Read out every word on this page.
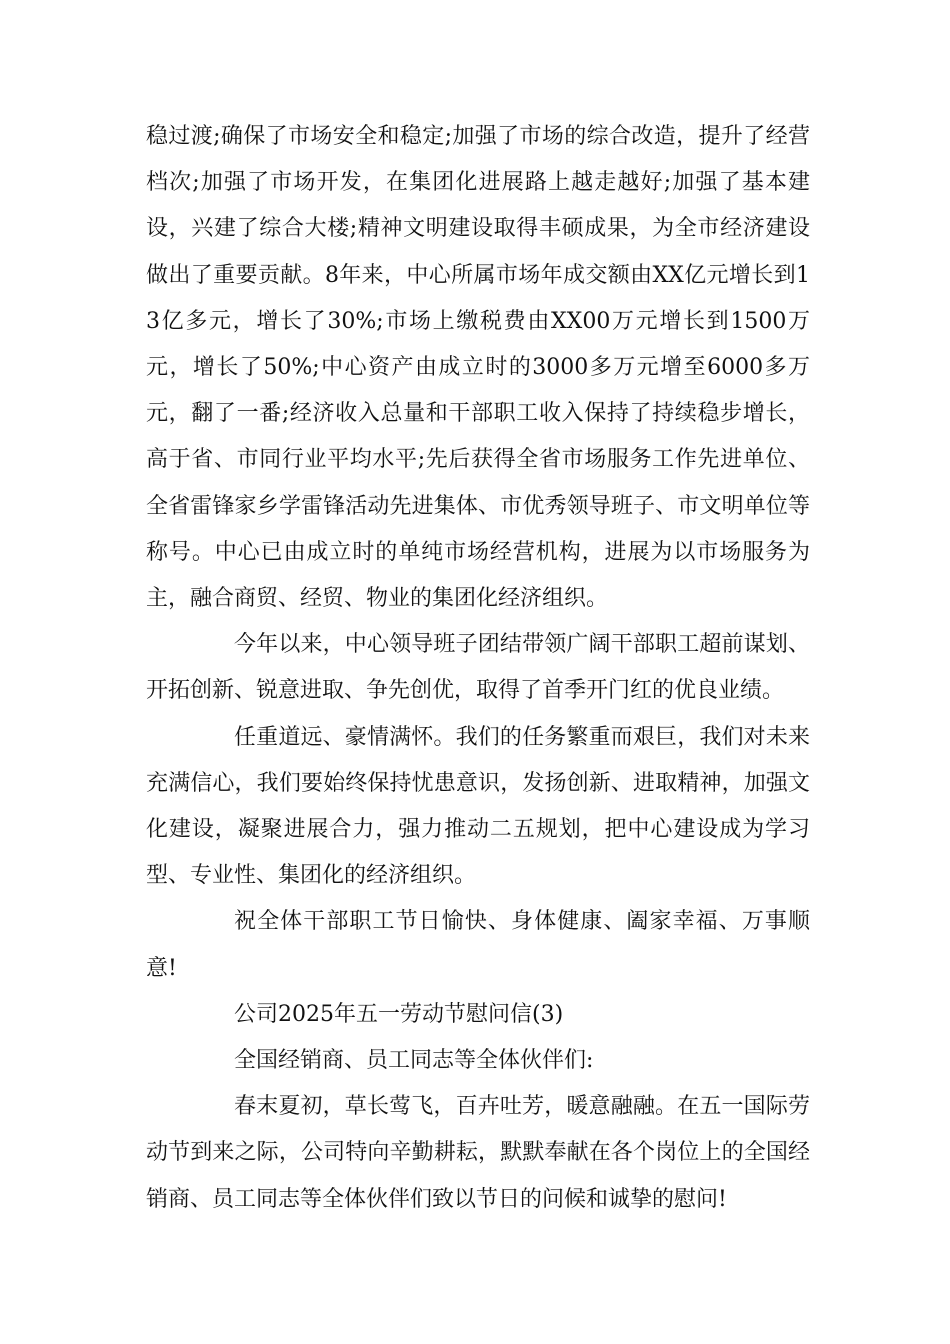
稳过渡;确保了市场安全和稳定;加强了市场的综合改造，提升了经营档次;加强了市场开发，在集团化进展路上越走越好;加强了基本建设，兴建了综合大楼;精神文明建设取得丰硕成果，为全市经济建设做出了重要贡献。8年来，中心所属市场年成交额由XX亿元增长到13亿多元，增长了30%;市场上缴税费由XX00万元增长到1500万元，增长了50%;中心资产由成立时的3000多万元增至6000多万元，翻了一番;经济收入总量和干部职工收入保持了持续稳步增长，高于省、市同行业平均水平;先后获得全省市场服务工作先进单位、全省雷锋家乡学雷锋活动先进集体、市优秀领导班子、市文明单位等称号。中心已由成立时的单纯市场经营机构，进展为以市场服务为主，融合商贸、经贸、物业的集团化经济组织。

今年以来，中心领导班子团结带领广阔干部职工超前谋划、开拓创新、锐意进取、争先创优，取得了首季开门红的优良业绩。

任重道远、豪情满怀。我们的任务繁重而艰巨，我们对未来充满信心，我们要始终保持忧患意识，发扬创新、进取精神，加强文化建设，凝聚进展合力，强力推动二五规划，把中心建设成为学习型、专业性、集团化的经济组织。

祝全体干部职工节日愉快、身体健康、阖家幸福、万事顺意!

公司2025年五一劳动节慰问信(3)

全国经销商、员工同志等全体伙伴们:

春末夏初，草长莺飞，百卉吐芳，暖意融融。在五一国际劳动节到来之际，公司特向辛勤耕耘，默默奉献在各个岗位上的全国经销商、员工同志等全体伙伴们致以节日的问候和诚挚的慰问!
